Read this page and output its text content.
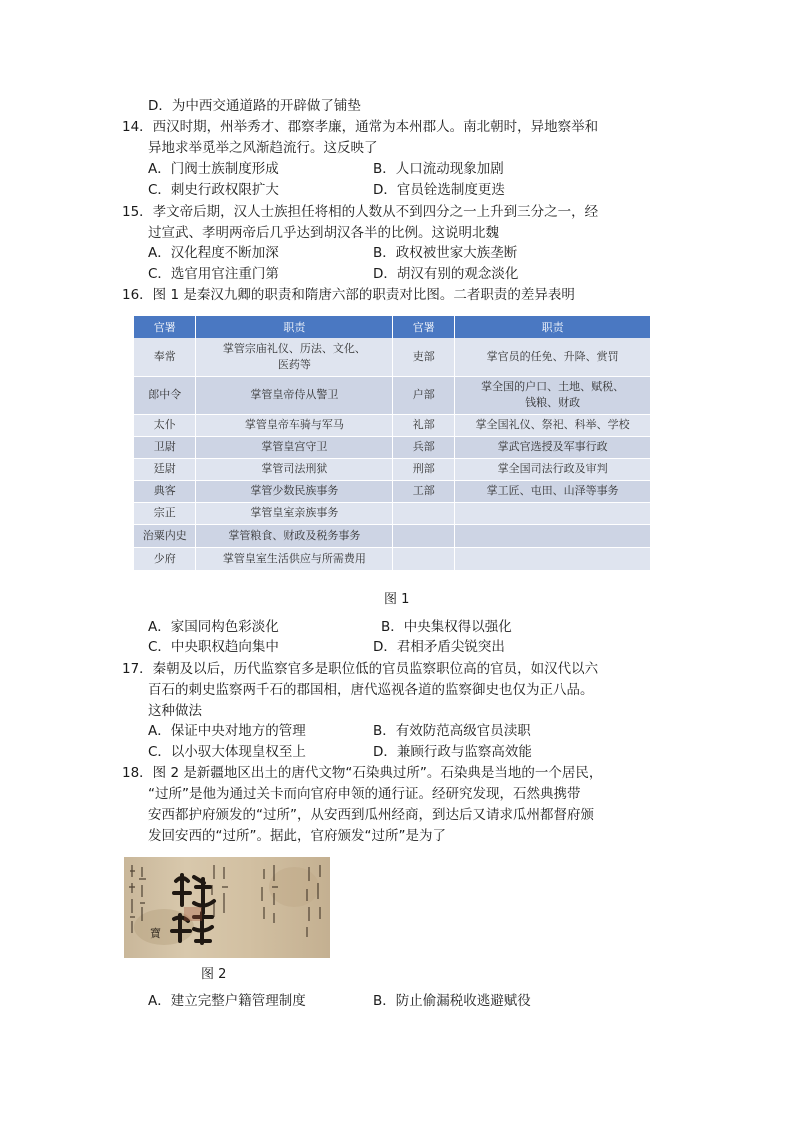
D．为中西交通道路的开辟做了铺垫
14．西汉时期，州举秀才、郡察孝廉，通常为本州郡人。南北朝时，异地察举和
异地求举觅举之风渐趋流行。这反映了
A．门阀士族制度形成	B．人口流动现象加剧
C．刺史行政权限扩大	D．官员铨选制度更迭
15．孝文帝后期，汉人士族担任将相的人数从不到四分之一上升到三分之一，经
过宣武、孝明两帝后几乎达到胡汉各半的比例。这说明北魏
A．汉化程度不断加深	B．政权被世家大族垄断
C．选官用官注重门第	D．胡汉有别的观念淡化
16．图 1 是秦汉九卿的职责和隋唐六部的职责对比图。二者职责的差异表明
官署	职责	官署	职责
奉常	掌管宗庙礼仪、历法、文化、医药等	吏部	掌官员的任免、升降、赏罚
郎中令	掌管皇帝侍从警卫	户部	掌全国的户口、土地、赋税、钱粮、财政
太仆	掌管皇帝车骑与军马	礼部	掌全国礼仪、祭祀、科举、学校
卫尉	掌管皇宫守卫	兵部	掌武官选授及军事行政
廷尉	掌管司法刑狱	刑部	掌全国司法行政及审判
典客	掌管少数民族事务	工部	掌工匠、屯田、山泽等事务
宗正	掌管皇室亲族事务		
治粟内史	掌管粮食、财政及税务事务		
少府	掌管皇室生活供应与所需费用		
图 1
A．家国同构色彩淡化	B．中央集权得以强化
C．中央职权趋向集中	D．君相矛盾尖锐突出
17．秦朝及以后，历代监察官多是职位低的官员监察职位高的官员，如汉代以六
百石的刺史监察两千石的郡国相，唐代巡视各道的监察御史也仅为正八品。
这种做法
A．保证中央对地方的管理	B．有效防范高级官员渎职
C．以小驭大体现皇权至上	D．兼顾行政与监察高效能
18．图 2 是新疆地区出土的唐代文物“石染典过所”。石染典是当地的一个居民，
“过所”是他为通过关卡而向官府申领的通行证。经研究发现，石然典携带
安西都护府颁发的“过所”，从安西到瓜州经商，到达后又请求瓜州都督府颁
发回安西的“过所”。据此，官府颁发“过所”是为了
寶
图 2
A．建立完整户籍管理制度	B．防止偷漏税收逃避赋役
